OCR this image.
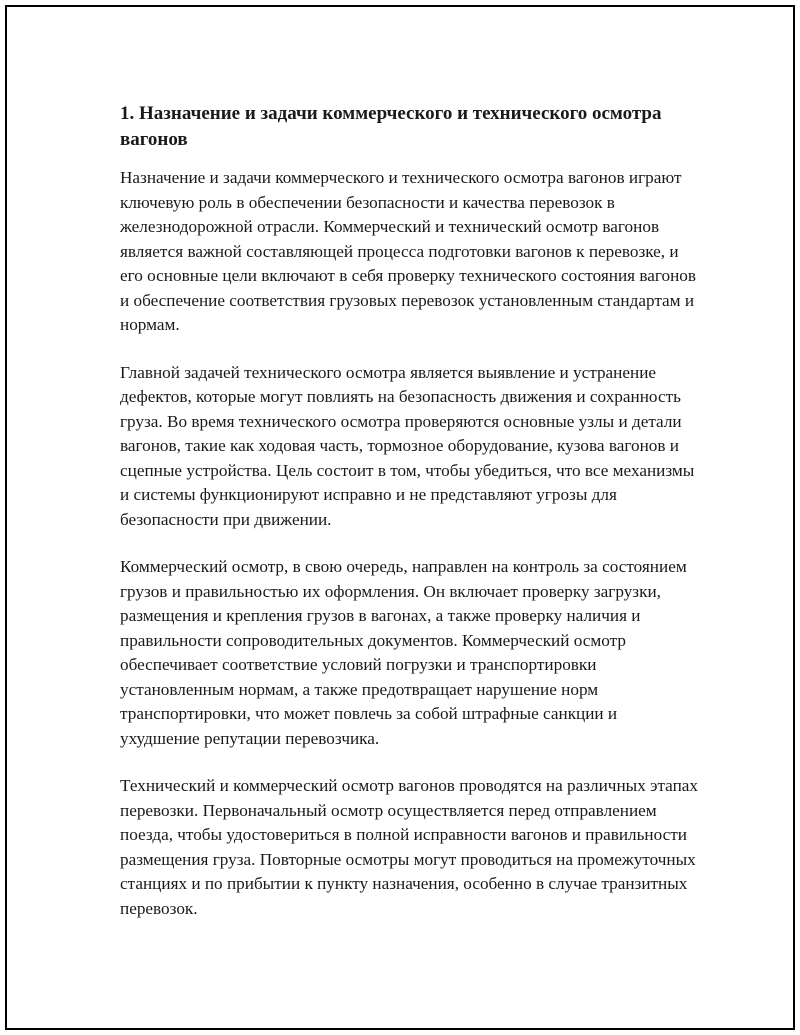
1. Назначение и задачи коммерческого и технического осмотра вагонов

Назначение и задачи коммерческого и технического осмотра вагонов играют ключевую роль в обеспечении безопасности и качества перевозок в железнодорожной отрасли. Коммерческий и технический осмотр вагонов является важной составляющей процесса подготовки вагонов к перевозке, и его основные цели включают в себя проверку технического состояния вагонов и обеспечение соответствия грузовых перевозок установленным стандартам и нормам.

Главной задачей технического осмотра является выявление и устранение дефектов, которые могут повлиять на безопасность движения и сохранность груза. Во время технического осмотра проверяются основные узлы и детали вагонов, такие как ходовая часть, тормозное оборудование, кузова вагонов и сцепные устройства. Цель состоит в том, чтобы убедиться, что все механизмы и системы функционируют исправно и не представляют угрозы для безопасности при движении.

Коммерческий осмотр, в свою очередь, направлен на контроль за состоянием грузов и правильностью их оформления. Он включает проверку загрузки, размещения и крепления грузов в вагонах, а также проверку наличия и правильности сопроводительных документов. Коммерческий осмотр обеспечивает соответствие условий погрузки и транспортировки установленным нормам, а также предотвращает нарушение норм транспортировки, что может повлечь за собой штрафные санкции и ухудшение репутации перевозчика.

Технический и коммерческий осмотр вагонов проводятся на различных этапах перевозки. Первоначальный осмотр осуществляется перед отправлением поезда, чтобы удостовериться в полной исправности вагонов и правильности размещения груза. Повторные осмотры могут проводиться на промежуточных станциях и по прибытии к пункту назначения, особенно в случае транзитных перевозок.
